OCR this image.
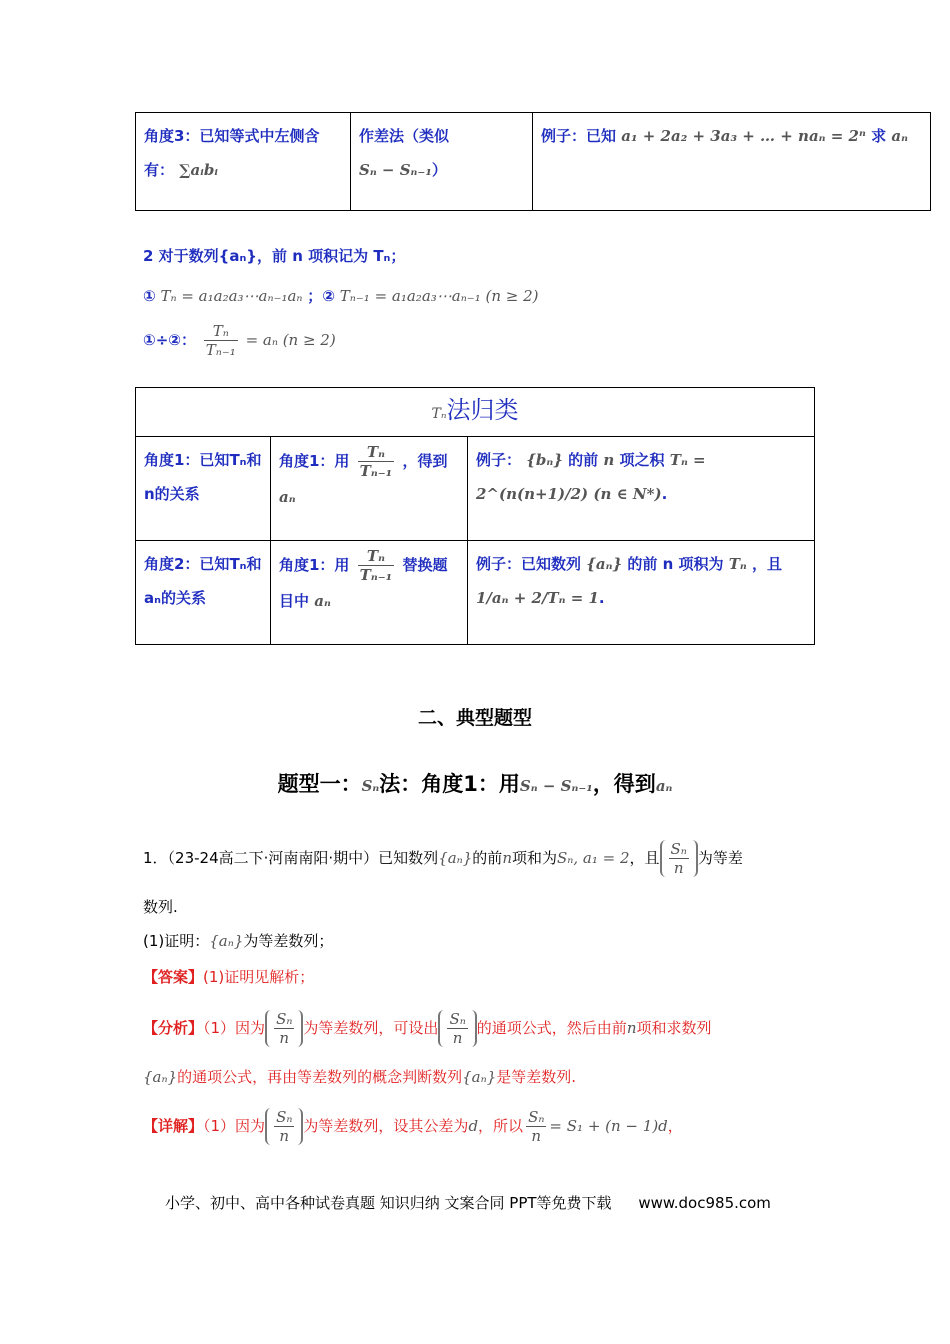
角度3：已知等式中左侧含有： ∑aᵢbᵢ	作差法（类似
Sₙ − Sₙ₋₁）	例子：已知 a₁ + 2a₂ + 3a₃ + … + naₙ = 2ⁿ 求 aₙ
2 对于数列{aₙ}，前 n 项积记为 Tₙ；
① Tₙ = a₁a₂a₃⋯aₙ₋₁aₙ ；② Tₙ₋₁ = a₁a₂a₃⋯aₙ₋₁ (n ≥ 2)
①÷②： $\frac{\text{Tₙ}}{\text{Tₙ₋₁}} = a_n$ (n ≥ 2)
Tₙ法归类		
角度1：已知Tₙ和n的关系	角度1：用 $\frac{\text{Tₙ}}{\text{Tₙ₋₁}}$ ，得到
aₙ	例子： {bₙ} 的前 n 项之积 Tₙ = 2^(n(n+1)/2) (n ∈ N*).
角度2：已知Tₙ和aₙ的关系	角度1：用 $\frac{\text{Tₙ}}{\text{Tₙ₋₁}}$ 替换题目中 aₙ	例子：已知数列 {aₙ} 的前 n 项积为 Tₙ ，且
1/aₙ + 2/Tₙ = 1.
二、典型题型
题型一：Sₙ法：角度1：用Sₙ − Sₙ₋₁，得到aₙ
1．（23-24高二下·河南南阳·期中）已知数列{aₙ}的前n项和为Sₙ, a₁ = 2，且 $\frac{\text{Sₙ}}{n}$ 为等差
数列.
(1)证明：{aₙ}为等差数列；
【答案】(1)证明见解析；
【分析】（1）因为 $\frac{\text{Sₙ}}{n}$ 为等差数列，可设出 $\frac{\text{Sₙ}}{n}$ 的通项公式，然后由前n项和求数列
{aₙ}的通项公式，再由等差数列的概念判断数列{aₙ}是等差数列.
【详解】（1）因为 $\frac{\text{Sₙ}}{n}$ 为等差数列，设其公差为d，所以 $\frac{\text{Sₙ}}{n} = S_1 + (n - 1)d$，
小学、初中、高中各种试卷真题 知识归纳 文案合同 PPT等免费下载 www.doc985.com
